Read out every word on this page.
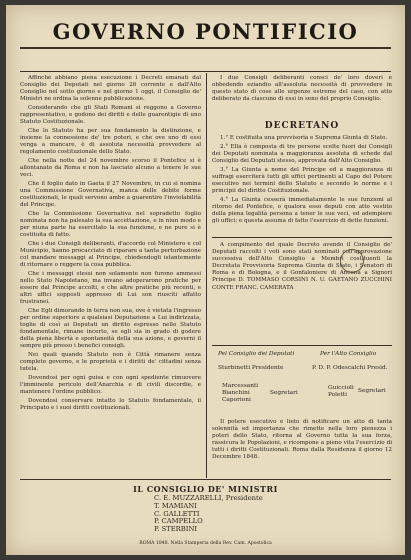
GOVERNO PONTIFICIO

Affinchè abbiano piena esecuzione i Decreti emanati dal Consiglio dei Deputati nel giorno 26 corrente e dall'Alto Consiglio nel sotto giorno e nel giorno 1 oggi, il Consiglio de' Ministri ne ordina la solenne pubblicazione.

Considerando che gli Stati Romani si reggono a Governo rappresentativo, e godono dei diritti e delle guarentigie di uno Statuto Costituzionale.

Che lo Statuto ha per sua fondamento la distinzione, e insieme la connessione de' tre poteri, e che ove uno di essi venga a mancare, è di assoluta necessità provvedere al regolamento costituzionale dello Stato.

Che nella notte del 24 novembre scorso il Pontefice si è allontanato da Roma e non ha lasciato alcuno a tenere le sue veci.

Che il foglio dato in Gaeta il 27 Novembre, in cui si nomina una Commissione Governativa, manca delle debite forme costituzionali, le quali servono ambe a guarentire l'inviolabilità del Principe.

Che la Commissione Governativa nel sopradetto foglio nominata non ha palesato la sua accettazione, e in niun modo e per niuna parte ha esercitato la sua funzione, e ne pure si è costituita di fatto.

Che i due Consigli deliberanti, d'accordo col Ministero e col Municipio, hanno procacciato di riparare a tanta perturbazione col mandare messaggi al Principe, chiedendogli istantemente di ritornare o reggere la cosa pubblica.

Che i messaggi stessi non solamente non furono ammessi nello Stato Napoletano, ma invano adoperarono pratiche per essere dal Principe accolti, e che altre pratiche più recenti, e altri uffici sopposti appresso di Lui son riusciti affatto frustranei.

Che Egli dimorando in terra non sua, ove è vietata l'ingresso per ordine superiore a qualsiasi Deputazione a Lui indirizzata, toglie di così ai Deputati un diritto espresso nello Statuto fondamentale, rimane incerto, se egli sia in grado di godere della piena libertà e spontaneità della sua azione, e governi il sempre più presso i benefici consigli.

Nei quali quando Statuto non è Città rimanere senza completo governo, e le proprietà e i diritti de' cittadini senza tutela.

Dovendosi per ogni guisa e con ogni spediente rimuovere l'imminente pericolo dell'Anarchia e di civili discordie, e mantenere l'ordine pubblico.

Dovendosi conservare intatto lo Statuto fondamentale, il Principato e i suoi diritti costituzionali.

I due Consigli deliberanti consci de' loro doveri e obbedendo eziandio all'assoluta necessità di provvedere in questo stato di cose alle urgenze estreme del caso, con atto deliberato da ciascuno di essi in seno del proprio Consiglio.

DECRETANO

1.° È costituita una provvisoria e Suprema Giunta di Stato.

2.° Ella è composta di tre persone scelte fuori dei Consigli dei Deputati nominata a maggioranza assoluta di schede dal Consiglio dei Deputati stesso, approvata dall'Alto Consiglio.

3.° La Giunta a nome del Principe ed a maggioranza di suffragi eserciterà tutti gli uffici pertinenti al Capo del Potere esecutivo nei termini dello Statuto e secondo le norme e i principii del diritto Costituzionale.

4.° La Giunta cesserà immediatamente le sue funzioni al ritorno del Pontefice, o qualora esso deputi con atto vestito della piena legalità persona a tener le sue veci, ed adempiere gli uffici; e questa assuma di fatto l'esercizio di dette funzioni.

A compimento del quale Decreto avendo il Consiglio de' Deputati raccolti i voti sono stati nominati coll'approvazione successiva dell'Alto Consiglio a Membri costituenti la Decretata Provvisoria Suprema Giunta di Stato, i Senatori di Roma e di Bologna, e il Gonfaloniere di Ancona a Signori Principe D. TOMMASO CORSINI N. U. GAETANO ZUCCHINI CONTE FRANC. CAMERATA

Pel Consiglio dei Deputati	Per l'Alto Consiglio
Sturbinetti Presidente	P. D. P. Odescalchi Presid.
Marcessanti
Bianchini
Caporioni
Segretari
Guiccioli
Poletti
Segretari

Il potere esecutivo è lieto di notificare un atto di tanta solennità ed importanza che rimette nella loro pienezza i poteri dello Stato, ritorna al Governo tutta la sua forza, rassicura le Popolazioni, e ricompone a pieno vita l'esercizio di tutti i diritti Costituzionali. Roma dalla Residenza il giorno 12 Decembre 1848.

IL CONSIGLIO DE' MINISTRI
C. E. MUZZARELLI, Presidente
T. MAMIANI
C. GALLETTI
P. CAMPELLO
P. STERBINI
ROMA 1848. Nella Stamperia della Rev. Cam. Apostolica
